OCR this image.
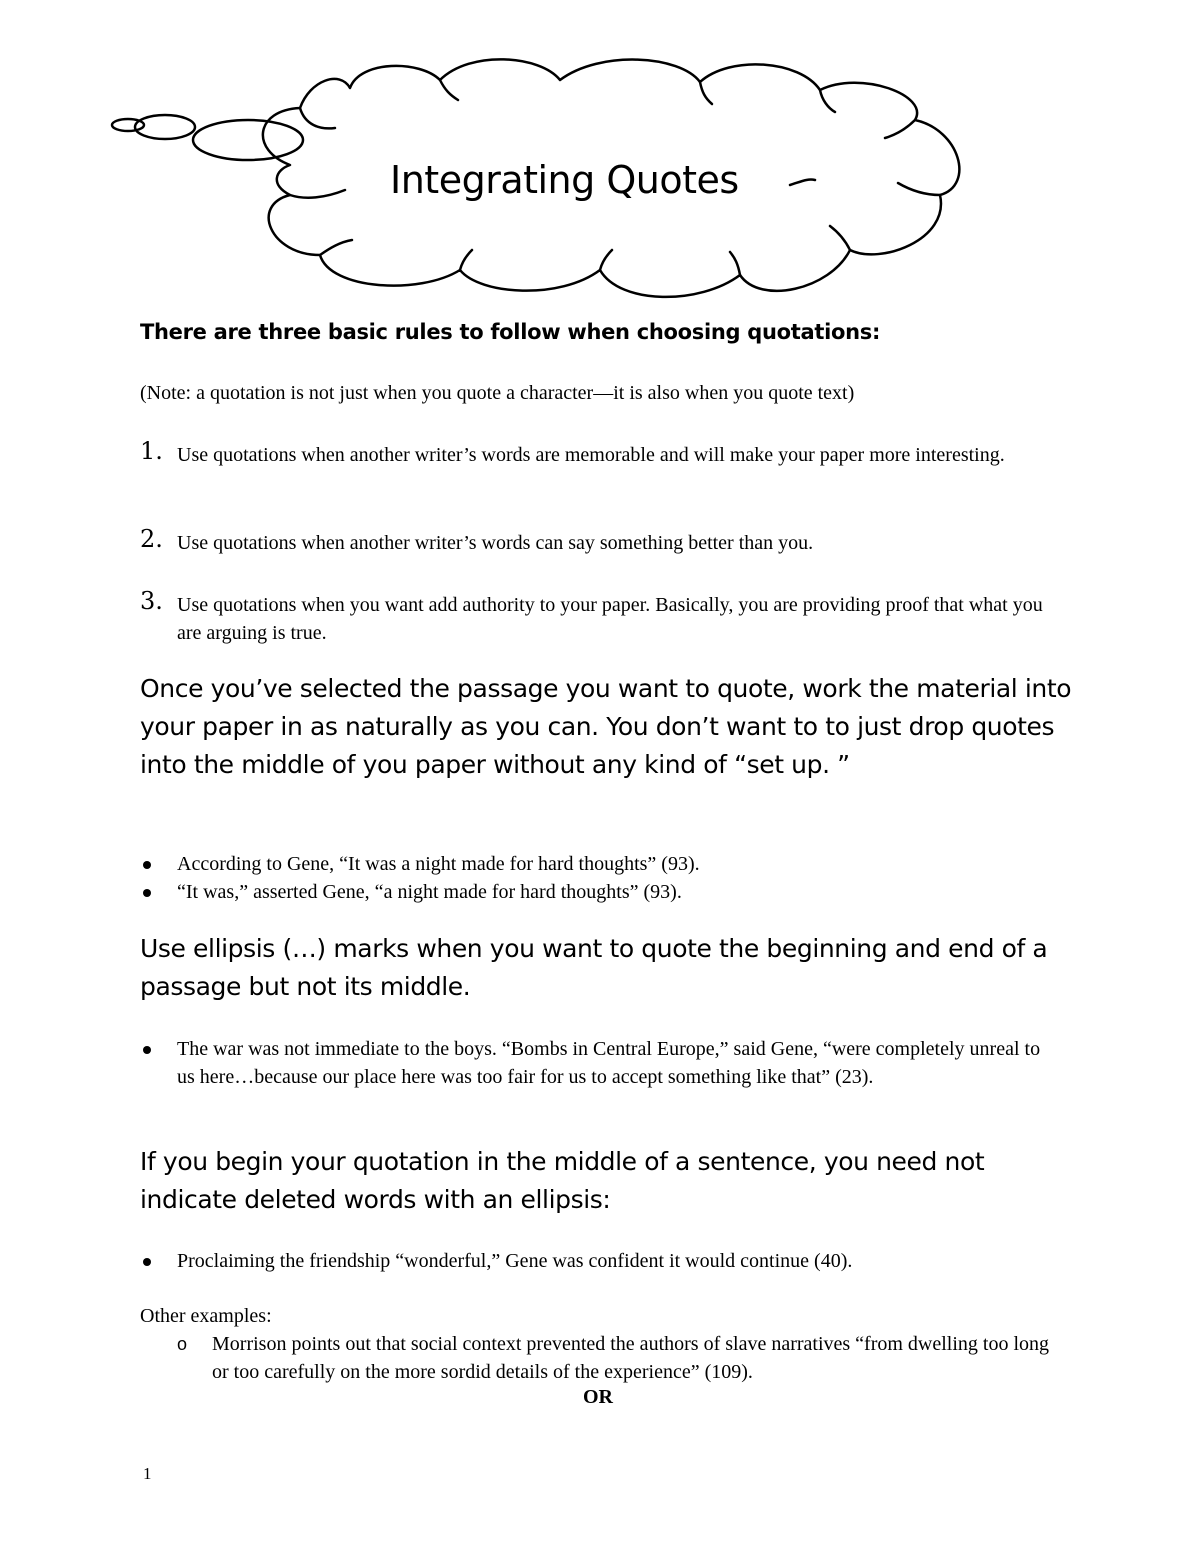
Integrating Quotes
There are three basic rules to follow when choosing quotations:
(Note: a quotation is not just when you quote a character—it is also when you quote text)
1. Use quotations when another writer’s words are memorable and will make your paper more interesting.
2. Use quotations when another writer’s words can say something better than you.
3. Use quotations when you want add authority to your paper. Basically, you are providing proof that what you are arguing is true.
Once you’ve selected the passage you want to quote, work the material into your paper in as naturally as you can. You don’t want to to just drop quotes into the middle of you paper without any kind of “set up. ”
According to Gene, “It was a night made for hard thoughts” (93).
“It was,” asserted Gene, “a night made for hard thoughts” (93).
Use ellipsis (…) marks when you want to quote the beginning and end of a passage but not its middle.
The war was not immediate to the boys. “Bombs in Central Europe,” said Gene, “were completely unreal to us here…because our place here was too fair for us to accept something like that” (23).
If you begin your quotation in the middle of a sentence, you need not indicate deleted words with an ellipsis:
Proclaiming the friendship “wonderful,” Gene was confident it would continue (40).
Other examples:
o Morrison points out that social context prevented the authors of slave narratives “from dwelling too long or too carefully on the more sordid details of the experience” (109).
OR
1
